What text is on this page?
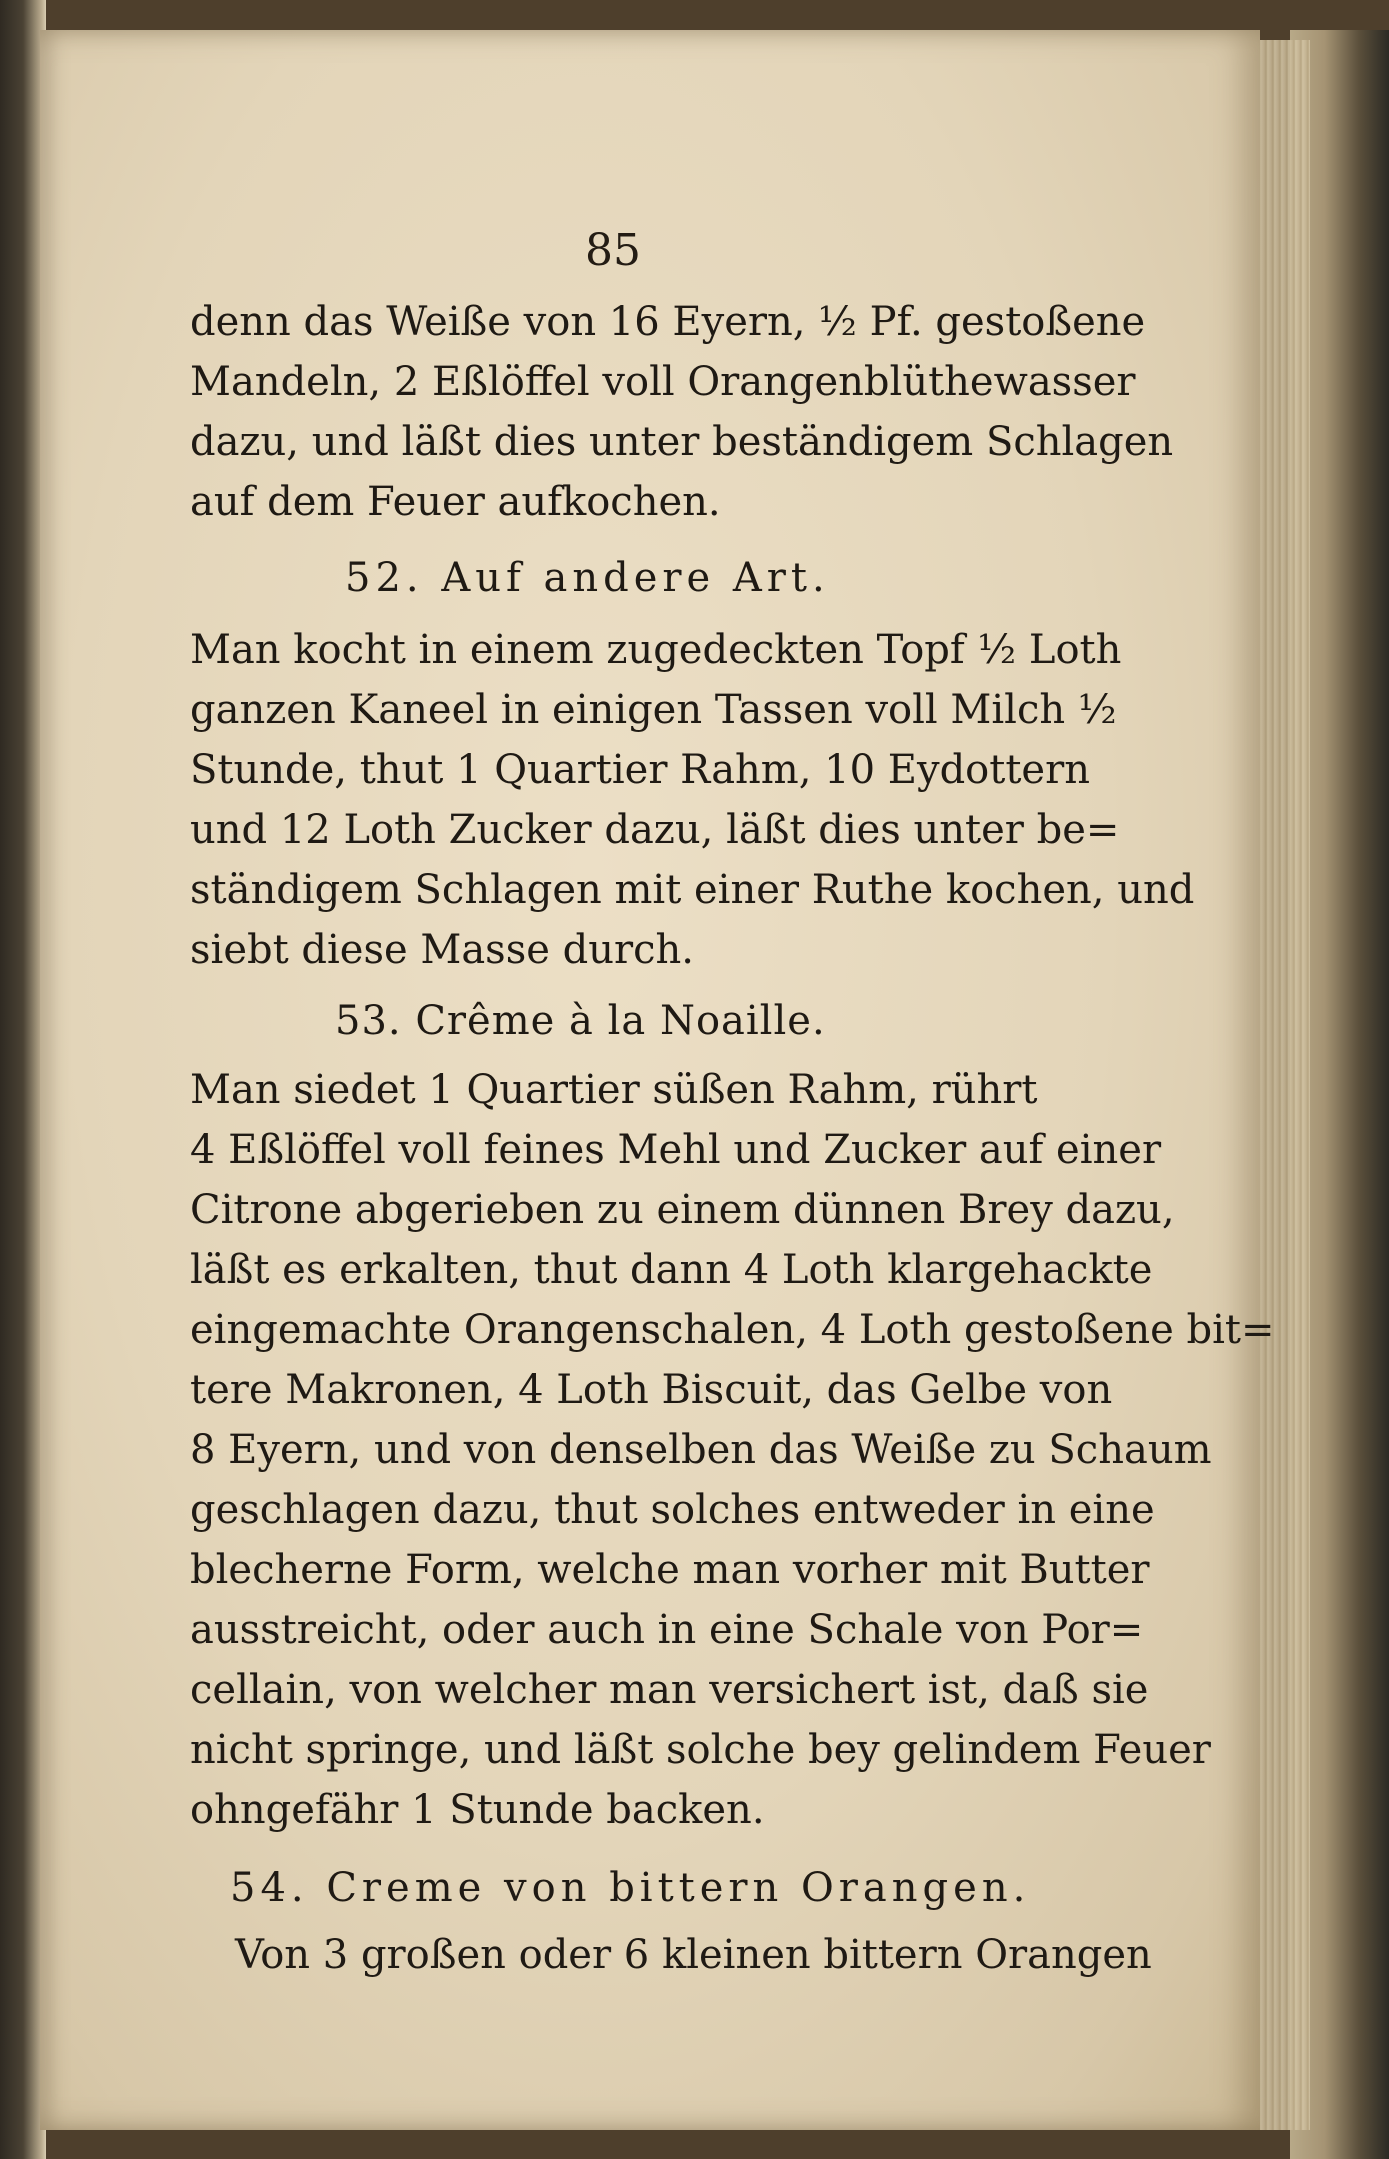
85
denn das Weiße von 16 Eyern, ½ Pf. gestoßene
Mandeln, 2 Eßlöffel voll Orangenblüthewasser
dazu, und läßt dies unter beständigem Schlagen
auf dem Feuer aufkochen.
52. Auf andere Art.
Man kocht in einem zugedeckten Topf ½ Loth
ganzen Kaneel in einigen Tassen voll Milch ½
Stunde, thut 1 Quartier Rahm, 10 Eydottern
und 12 Loth Zucker dazu, läßt dies unter be=
ständigem Schlagen mit einer Ruthe kochen, und
siebt diese Masse durch.
53. Crême à la Noaille.
Man siedet 1 Quartier süßen Rahm, rührt
4 Eßlöffel voll feines Mehl und Zucker auf einer
Citrone abgerieben zu einem dünnen Brey dazu,
läßt es erkalten, thut dann 4 Loth klargehackte
eingemachte Orangenschalen, 4 Loth gestoßene bit=
tere Makronen, 4 Loth Biscuit, das Gelbe von
8 Eyern, und von denselben das Weiße zu Schaum
geschlagen dazu, thut solches entweder in eine
blecherne Form, welche man vorher mit Butter
ausstreicht, oder auch in eine Schale von Por=
cellain, von welcher man versichert ist, daß sie
nicht springe, und läßt solche bey gelindem Feuer
ohngefähr 1 Stunde backen.
54. Creme von bittern Orangen.
Von 3 großen oder 6 kleinen bittern Orangen
